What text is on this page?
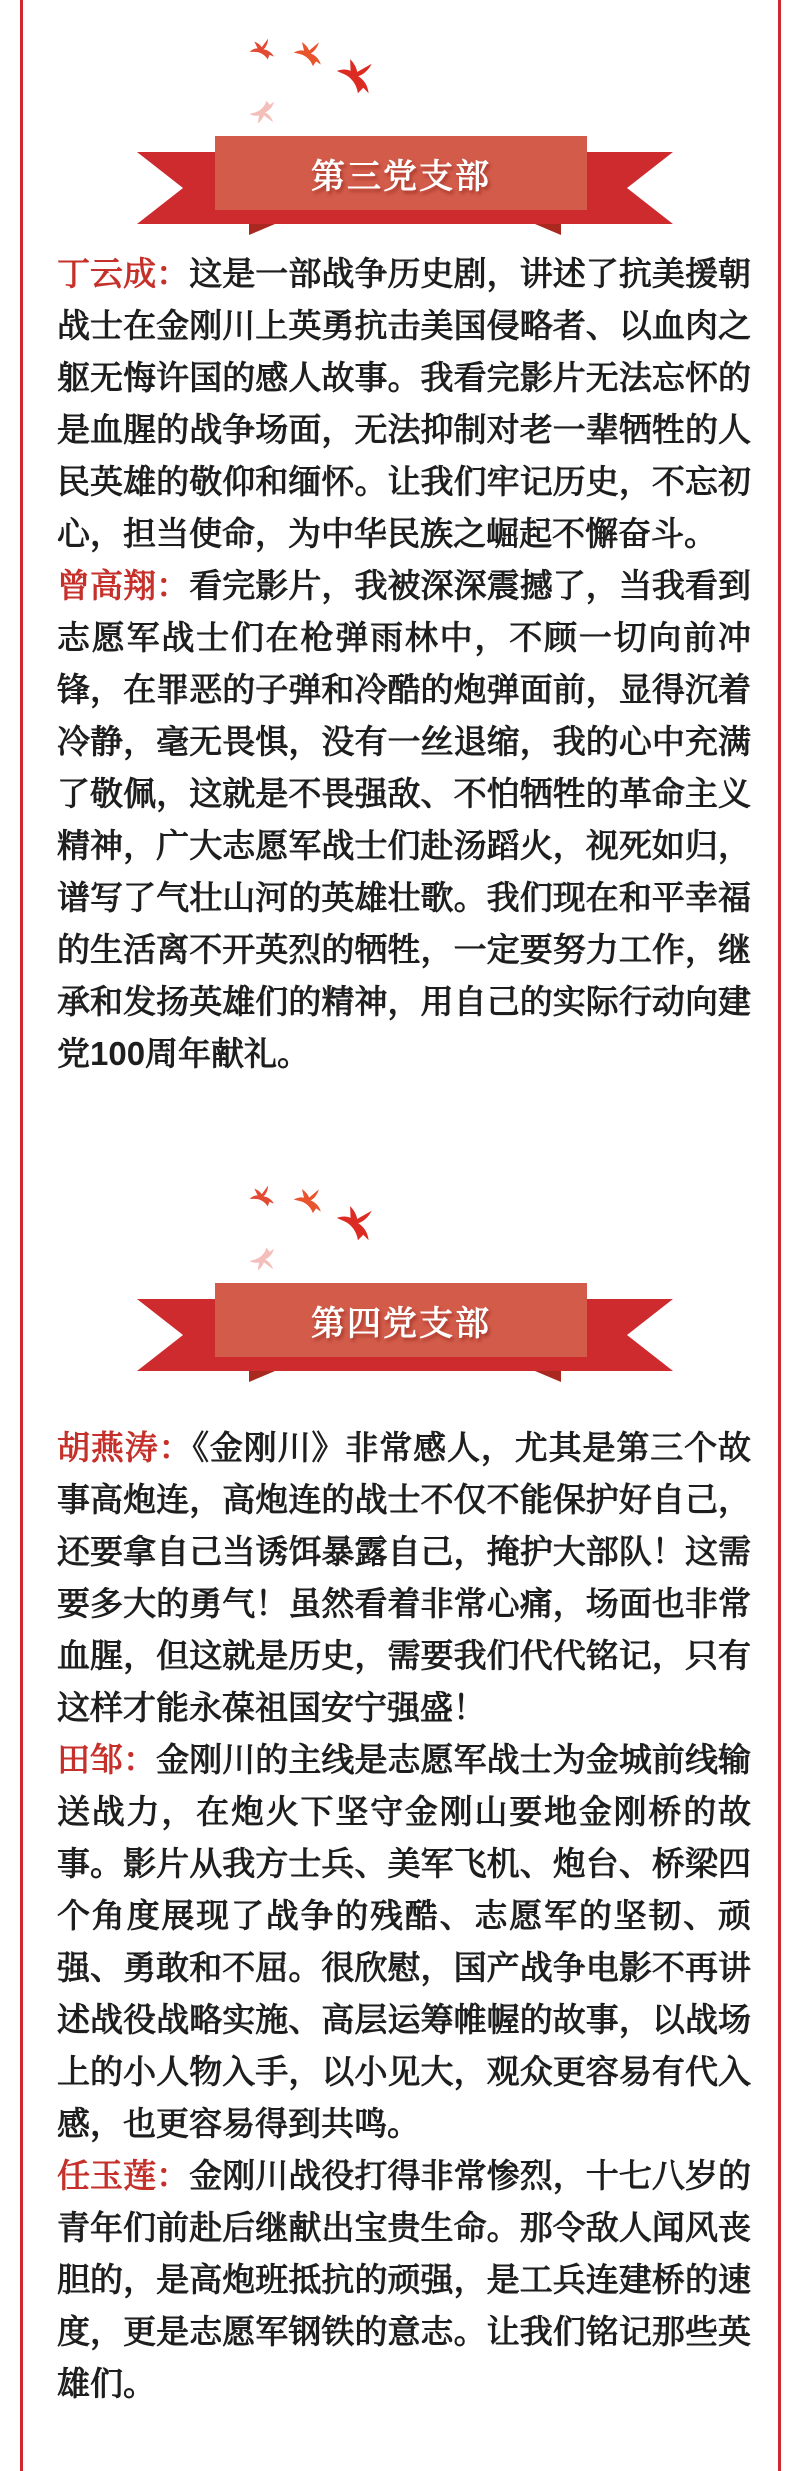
第三党支部

丁云成：这是一部战争历史剧，讲述了抗美援朝战士在金刚川上英勇抗击美国侵略者、以血肉之躯无悔许国的感人故事。我看完影片无法忘怀的是血腥的战争场面，无法抑制对老一辈牺牲的人民英雄的敬仰和缅怀。让我们牢记历史，不忘初心，担当使命，为中华民族之崛起不懈奋斗。

曾高翔：看完影片，我被深深震撼了，当我看到志愿军战士们在枪弹雨林中，不顾一切向前冲锋，在罪恶的子弹和冷酷的炮弹面前，显得沉着冷静，毫无畏惧，没有一丝退缩，我的心中充满了敬佩，这就是不畏强敌、不怕牺牲的革命主义精神，广大志愿军战士们赴汤蹈火，视死如归，谱写了气壮山河的英雄壮歌。我们现在和平幸福的生活离不开英烈的牺牲，一定要努力工作，继承和发扬英雄们的精神，用自己的实际行动向建党100周年献礼。

第四党支部

胡燕涛：《金刚川》非常感人，尤其是第三个故事高炮连，高炮连的战士不仅不能保护好自己，还要拿自己当诱饵暴露自己，掩护大部队！这需要多大的勇气！虽然看着非常心痛，场面也非常血腥，但这就是历史，需要我们代代铭记，只有这样才能永葆祖国安宁强盛！

田邹：金刚川的主线是志愿军战士为金城前线输送战力，在炮火下坚守金刚山要地金刚桥的故事。影片从我方士兵、美军飞机、炮台、桥梁四个角度展现了战争的残酷、志愿军的坚韧、顽强、勇敢和不屈。很欣慰，国产战争电影不再讲述战役战略实施、高层运筹帷幄的故事，以战场上的小人物入手，以小见大，观众更容易有代入感，也更容易得到共鸣。

任玉莲：金刚川战役打得非常惨烈，十七八岁的青年们前赴后继献出宝贵生命。那令敌人闻风丧胆的，是高炮班抵抗的顽强，是工兵连建桥的速度，更是志愿军钢铁的意志。让我们铭记那些英雄们。
